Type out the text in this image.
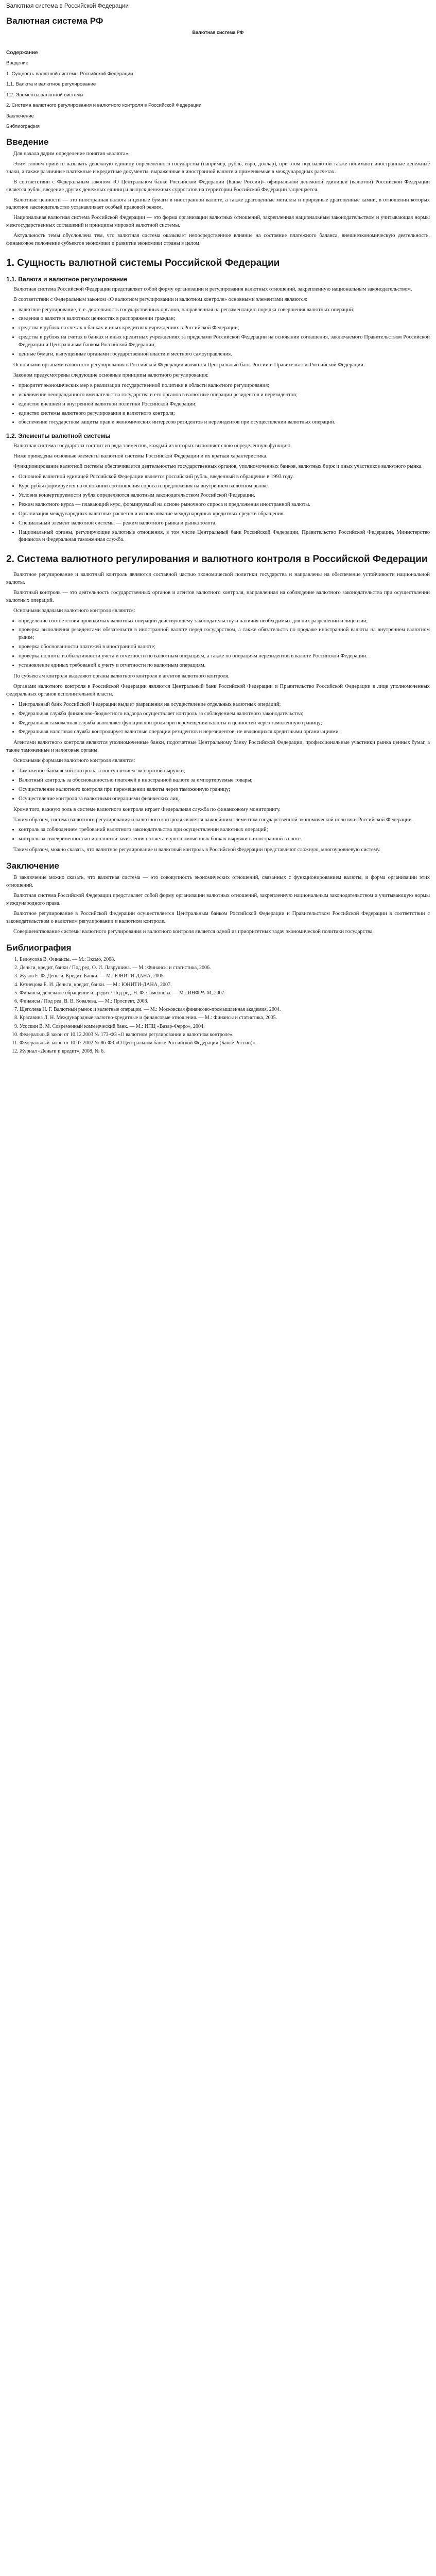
Валютная система в Российской Федерации
Валютная система РФ
Валютная система РФ
Содержание
Введение
1. Сущность валютной системы Российской Федерации
1.1. Валюта и валютное регулирование
1.2. Элементы валютной системы
2. Система валютного регулирования и валютного контроля в Российской Федерации
Заключение
Библиография
Введение

Для начала дадим определение понятия «валюта».

Этим словом принято называть денежную единицу определенного государства (например, рубль, евро, доллар), при этом под валютой также понимают иностранные денежные знаки, а также различные платежные и кредитные документы, выраженные в иностранной валюте и применяемые в международных расчетах.

В соответствии с Федеральным законом «О Центральном банке Российской Федерации (Банке России)» официальной денежной единицей (валютой) Российской Федерации является рубль, введение других денежных единиц и выпуск денежных суррогатов на территории Российской Федерации запрещается.

Валютные ценности — это иностранная валюта и ценные бумаги в иностранной валюте, а также драгоценные металлы и природные драгоценные камни, в отношении которых валютное законодательство устанавливает особый правовой режим.

Национальная валютная система Российской Федерации — это форма организации валютных отношений, закрепленная национальным законодательством и учитывающая нормы межгосударственных соглашений и принципы мировой валютной системы.

Актуальность темы обусловлена тем, что валютная система оказывает непосредственное влияние на состояние платежного баланса, внешнеэкономическую деятельность, финансовое положение субъектов экономики и развитие экономики страны в целом.

1. Сущность валютной системы Российской Федерации
1.1. Валюта и валютное регулирование

Валютная система Российской Федерации представляет собой форму организации и регулирования валютных отношений, закрепленную национальным законодательством.

В соответствии с Федеральным законом «О валютном регулировании и валютном контроле» основными элементами являются:

• валютное регулирование, т. е. деятельность государственных органов, направленная на регламентацию порядка совершения валютных операций;
• сведения о валюте и валютных ценностях в распоряжении граждан;
• средства в рублях на счетах в банках и иных кредитных учреждениях в Российской Федерации;
• средства в рублях на счетах в банках и иных кредитных учреждениях за пределами Российской Федерации на основании соглашения, заключаемого Правительством Российской Федерации и Центральным банком Российской Федерации;
• ценные бумаги, выпущенные органами государственной власти и местного самоуправления.

Основными органами валютного регулирования в Российской Федерации являются Центральный банк России и Правительство Российской Федерации.

Законом предусмотрены следующие основные принципы валютного регулирования:

• приоритет экономических мер в реализации государственной политики в области валютного регулирования;
• исключение неоправданного вмешательства государства и его органов в валютные операции резидентов и нерезидентов;
• единство внешней и внутренней валютной политики Российской Федерации;
• единство системы валютного регулирования и валютного контроля;
• обеспечение государством защиты прав и экономических интересов резидентов и нерезидентов при осуществлении валютных операций.
1.2. Элементы валютной системы

Валютная система государства состоит из ряда элементов, каждый из которых выполняет свою определенную функцию.

Ниже приведены основные элементы валютной системы Российской Федерации и их краткая характеристика.

Функционирование валютной системы обеспечивается деятельностью государственных органов, уполномоченных банков, валютных бирж и иных участников валютного рынка.

• Основной валютной единицей Российской Федерации является российский рубль, введенный в обращение в 1993 году.
• Курс рубля формируется на основании соотношения спроса и предложения на внутреннем валютном рынке.
• Условия конвертируемости рубля определяются валютным законодательством Российской Федерации.
• Режим валютного курса — плавающий курс, формируемый на основе рыночного спроса и предложения иностранной валюты.
• Организация международных валютных расчетов и использование международных кредитных средств обращения.
• Специальный элемент валютной системы — режим валютного рынка и рынка золота.
• Национальный органы, регулирующие валютные отношения, в том числе Центральный банк Российской Федерации, Правительство Российской Федерации, Министерство финансов и Федеральная таможенная служба.
2. Система валютного регулирования и валютного контроля в Российской Федерации

Валютное регулирование и валютный контроль являются составной частью экономической политики государства и направлены на обеспечение устойчивости национальной валюты.

Валютный контроль — это деятельность государственных органов и агентов валютного контроля, направленная на соблюдение валютного законодательства при осуществлении валютных операций.

Основными задачами валютного контроля являются:

• определение соответствия проводимых валютных операций действующему законодательству и наличия необходимых для них разрешений и лицензий;
• проверка выполнения резидентами обязательств в иностранной валюте перед государством, а также обязательств по продаже иностранной валюты на внутреннем валютном рынке;
• проверка обоснованности платежей в иностранной валюте;
• проверка полноты и объективности учета и отчетности по валютным операциям, а также по операциям нерезидентов в валюте Российской Федерации.
• установление единых требований к учету и отчетности по валютным операциям.

По субъектам контроля выделяют органы валютного контроля и агентов валютного контроля.

Органами валютного контроля в Российской Федерации являются Центральный банк Российской Федерации и Правительство Российской Федерации в лице уполномоченных федеральных органов исполнительной власти.

• Центральный банк Российской Федерации выдает разрешения на осуществление отдельных валютных операций;
• Федеральная служба финансово-бюджетного надзора осуществляет контроль за соблюдением валютного законодательства;
• Федеральная таможенная служба выполняет функции контроля при перемещении валюты и ценностей через таможенную границу;
• Федеральная налоговая служба контролирует валютные операции резидентов и нерезидентов, не являющихся кредитными организациями.

Агентами валютного контроля являются уполномоченные банки, подотчетные Центральному банку Российской Федерации, профессиональные участники рынка ценных бумаг, а также таможенные и налоговые органы.

Основными формами валютного контроля являются:

• Таможенно-банковский контроль за поступлением экспортной выручки;
• Валютный контроль за обоснованностью платежей в иностранной валюте за импортируемые товары;
• Осуществление валютного контроля при перемещении валюты через таможенную границу;
• Осуществление контроля за валютными операциями физических лиц.

Кроме того, важную роль в системе валютного контроля играет Федеральная служба по финансовому мониторингу.

Таким образом, система валютного регулирования и валютного контроля является важнейшим элементом государственной экономической политики Российской Федерации.

• контроль за соблюдением требований валютного законодательства при осуществлении валютных операций;
• контроль за своевременностью и полнотой зачисления на счета в уполномоченных банках выручки в иностранной валюте.

Таким образом, можно сказать, что валютное регулирование и валютный контроль в Российской Федерации представляют сложную, многоуровневую систему.

Заключение

В заключение можно сказать, что валютная система — это совокупность экономических отношений, связанных с функционированием валюты, и форма организации этих отношений.

Валютная система Российской Федерации представляет собой форму организации валютных отношений, закрепленную национальным законодательством и учитывающую нормы международного права.

Валютное регулирование в Российской Федерации осуществляется Центральным банком Российской Федерации и Правительством Российской Федерации в соответствии с законодательством о валютном регулировании и валютном контроле.

Совершенствование системы валютного регулирования и валютного контроля является одной из приоритетных задач экономической политики государства.

Библиография
1. Белоусова В. Финансы. — М.: Эксмо, 2008.
2. Деньги, кредит, банки / Под ред. О. И. Лаврушина. — М.: Финансы и статистика, 2006.
3. Жуков Е. Ф. Деньги. Кредит. Банки. — М.: ЮНИТИ-ДАНА, 2005.
4. Кузнецова Е. И. Деньги, кредит, банки. — М.: ЮНИТИ-ДАНА, 2007.
5. Финансы, денежное обращение и кредит / Под ред. Н. Ф. Самсонова. — М.: ИНФРА-М, 2007.
6. Финансы / Под ред. В. В. Ковалева. — М.: Проспект, 2008.
7. Щеголева Н. Г. Валютный рынок и валютные операции. — М.: Московская финансово-промышленная академия, 2004.
8. Красавина Л. Н. Международные валютно-кредитные и финансовые отношения. — М.: Финансы и статистика, 2005.
9. Усоскин В. М. Современный коммерческий банк. — М.: ИПЦ «Вазар-Ферро», 2004.
10. Федеральный закон от 10.12.2003 № 173-ФЗ «О валютном регулировании и валютном контроле».
11. Федеральный закон от 10.07.2002 № 86-ФЗ «О Центральном банке Российской Федерации (Банке России)».
12. Журнал «Деньги и кредит», 2008, № 6.
